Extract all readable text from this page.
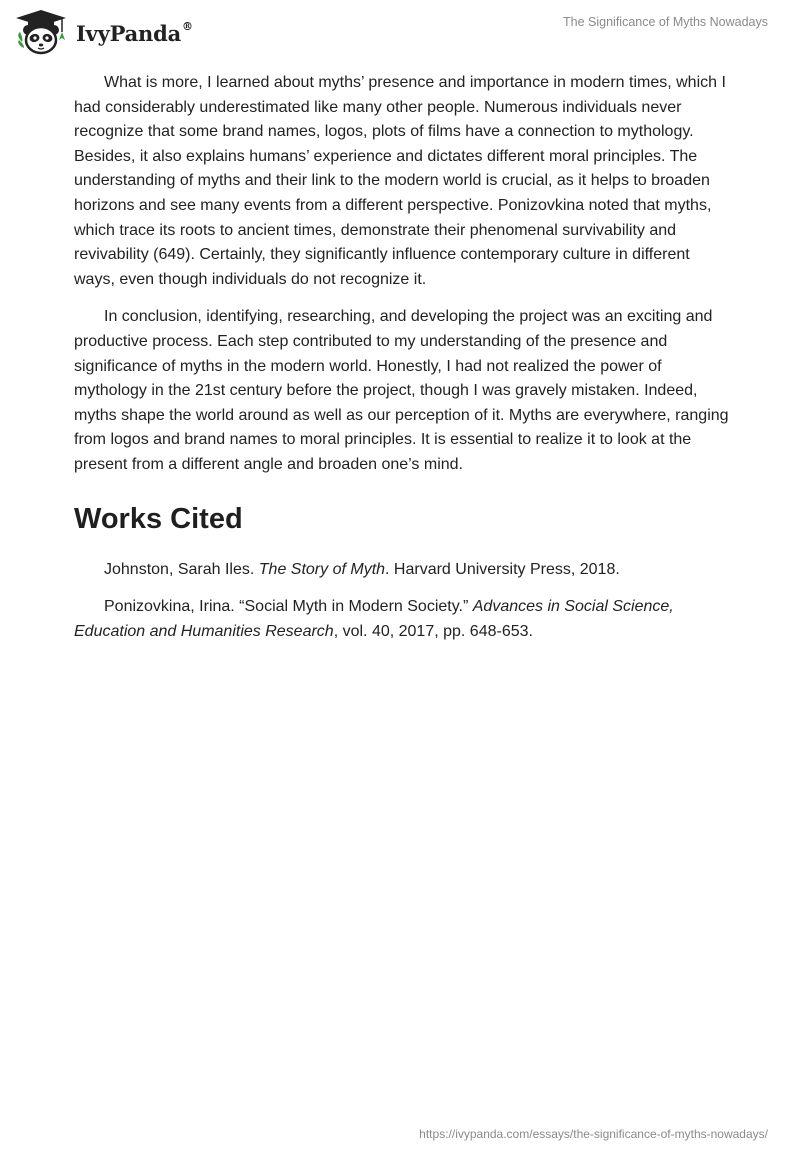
IvyPanda®	The Significance of Myths Nowadays

What is more, I learned about myths’ presence and importance in modern times, which I had considerably underestimated like many other people. Numerous individuals never recognize that some brand names, logos, plots of films have a connection to mythology. Besides, it also explains humans’ experience and dictates different moral principles. The understanding of myths and their link to the modern world is crucial, as it helps to broaden horizons and see many events from a different perspective. Ponizovkina noted that myths, which trace its roots to ancient times, demonstrate their phenomenal survivability and revivability (649). Certainly, they significantly influence contemporary culture in different ways, even though individuals do not recognize it.

In conclusion, identifying, researching, and developing the project was an exciting and productive process. Each step contributed to my understanding of the presence and significance of myths in the modern world. Honestly, I had not realized the power of mythology in the 21st century before the project, though I was gravely mistaken. Indeed, myths shape the world around as well as our perception of it. Myths are everywhere, ranging from logos and brand names to moral principles. It is essential to realize it to look at the present from a different angle and broaden one’s mind.

Works Cited

Johnston, Sarah Iles. The Story of Myth. Harvard University Press, 2018.

Ponizovkina, Irina. “Social Myth in Modern Society.” Advances in Social Science, Education and Humanities Research, vol. 40, 2017, pp. 648-653.

https://ivypanda.com/essays/the-significance-of-myths-nowadays/
